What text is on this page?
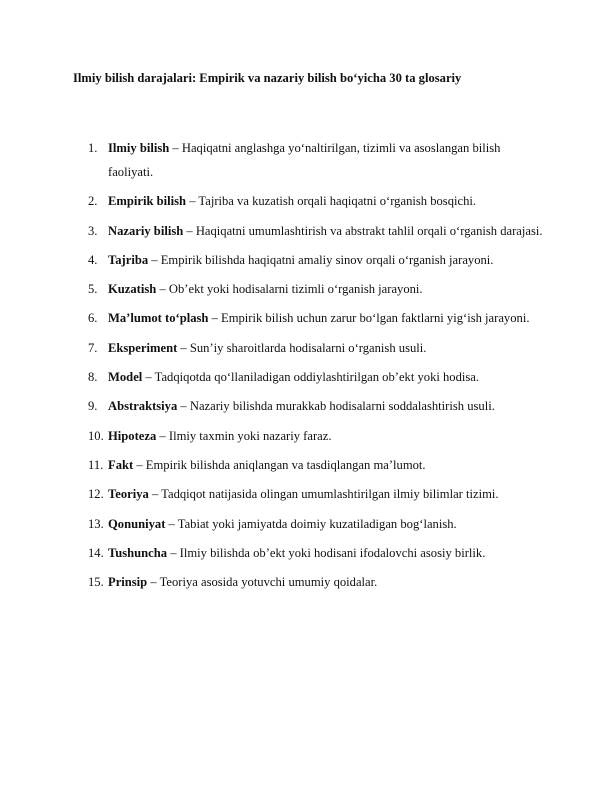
Ilmiy bilish darajalari: Empirik va nazariy bilish bo‘yicha 30 ta glosariy
1. Ilmiy bilish – Haqiqatni anglashga yo‘naltirilgan, tizimli va asoslangan bilish faoliyati.
2. Empirik bilish – Tajriba va kuzatish orqali haqiqatni o‘rganish bosqichi.
3. Nazariy bilish – Haqiqatni umumlashtirish va abstrakt tahlil orqali o‘rganish darajasi.
4. Tajriba – Empirik bilishda haqiqatni amaliy sinov orqali o‘rganish jarayoni.
5. Kuzatish – Ob’ekt yoki hodisalarni tizimli o‘rganish jarayoni.
6. Ma’lumot to‘plash – Empirik bilish uchun zarur bo‘lgan faktlarni yig‘ish jarayoni.
7. Eksperiment – Sun’iy sharoitlarda hodisalarni o‘rganish usuli.
8. Model – Tadqiqotda qo‘llaniladigan oddiylashtirilgan ob’ekt yoki hodisa.
9. Abstraktsiya – Nazariy bilishda murakkab hodisalarni soddalashtirish usuli.
10. Hipoteza – Ilmiy taxmin yoki nazariy faraz.
11. Fakt – Empirik bilishda aniqlangan va tasdiqlangan ma’lumot.
12. Teoriya – Tadqiqot natijasida olingan umumlashtirilgan ilmiy bilimlar tizimi.
13. Qonuniyat – Tabiat yoki jamiyatda doimiy kuzatiladigan bog‘lanish.
14. Tushuncha – Ilmiy bilishda ob’ekt yoki hodisani ifodalovchi asosiy birlik.
15. Prinsip – Teoriya asosida yotuvchi umumiy qoidalar.
